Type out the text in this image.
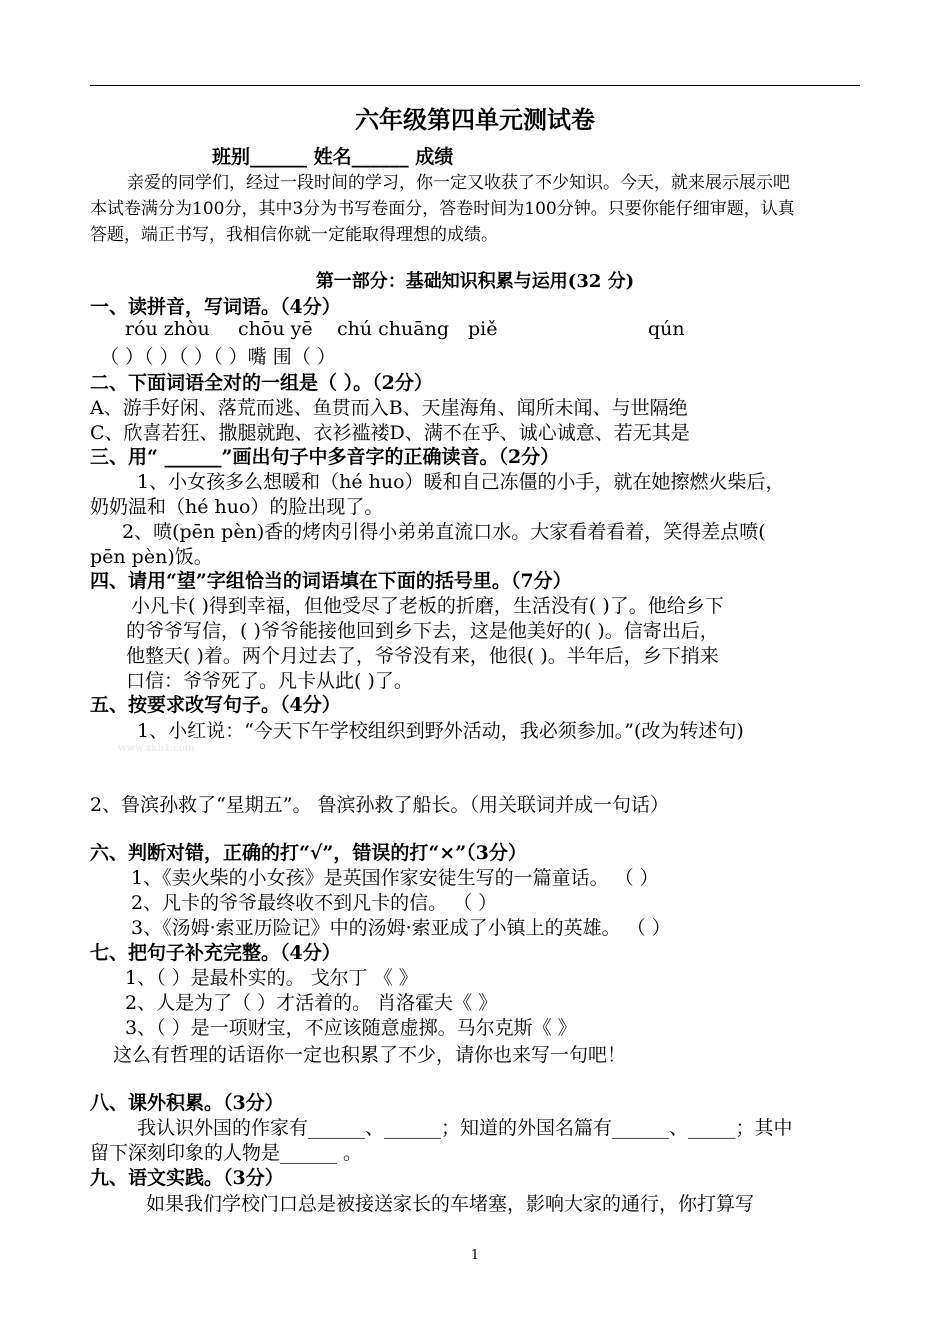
六年级第四单元测试卷
班别______ 姓名______ 成绩
亲爱的同学们，经过一段时间的学习，你一定又收获了不少知识。今天，就来展示展示吧
本试卷满分为100分，其中3分为书写卷面分，答卷时间为100分钟。只要你能仔细审题，认真
答题，端正书写，我相信你就一定能取得理想的成绩。
第一部分：基础知识积累与运用(32 分)
一、读拼音，写词语。（4分）
róu zhòu chōu yē chú chuāng piě	qún
（ ）（ ）（ ）（ ）嘴 围（ ）
二、下面词语全对的一组是（ ）。（2分）
A、游手好闲、落荒而逃、鱼贯而入B、天崖海角、闻所未闻、与世隔绝
C、欣喜若狂、撒腿就跑、衣衫褴褛D、满不在乎、诚心诚意、若无其是
三、用“ ______”画出句子中多音字的正确读音。（2分）
1、小女孩多么想暖和（hé huo）暖和自己冻僵的小手，就在她擦燃火柴后，
奶奶温和（hé huo）的脸出现了。
2、喷(pēn pèn)香的烤肉引得小弟弟直流口水。大家看着看着，笑得差点喷(
pēn pèn)饭。
四、请用“望”字组恰当的词语填在下面的括号里。（7分）
小凡卡( )得到幸福，但他受尽了老板的折磨，生活没有( )了。他给乡下
的爷爷写信，( )爷爷能接他回到乡下去，这是他美好的( )。信寄出后，
他整天( )着。两个月过去了，爷爷没有来，他很( )。半年后，乡下捎来
口信：爷爷死了。凡卡从此( )了。
五、按要求改写句子。（4分）
1、小红说：“今天下午学校组织到野外活动，我必须参加。”(改为转述句)
www.xkb1.com
2、鲁滨孙救了“星期五”。 鲁滨孙救了船长。（用关联词并成一句话）
六、判断对错，正确的打“√”，错误的打“×”（3分）
1、《卖火柴的小女孩》是英国作家安徒生写的一篇童话。 （ ）
2、凡卡的爷爷最终收不到凡卡的信。 （ ）
3、《汤姆·索亚历险记》中的汤姆·索亚成了小镇上的英雄。 （ ）
七、把句子补充完整。（4分）
1、（ ）是最朴实的。 戈尔丁 《 》
2、人是为了（ ）才活着的。 肖洛霍夫《 》
3、（ ）是一项财宝，不应该随意虚掷。马尔克斯《 》
这么有哲理的话语你一定也积累了不少，请你也来写一句吧！
八、课外积累。（3分）
我认识外国的作家有______、______；知道的外国名篇有______、_____；其中
留下深刻印象的人物是______ 。
九、语文实践。（3分）
如果我们学校门口总是被接送家长的车堵塞，影响大家的通行，你打算写
1
